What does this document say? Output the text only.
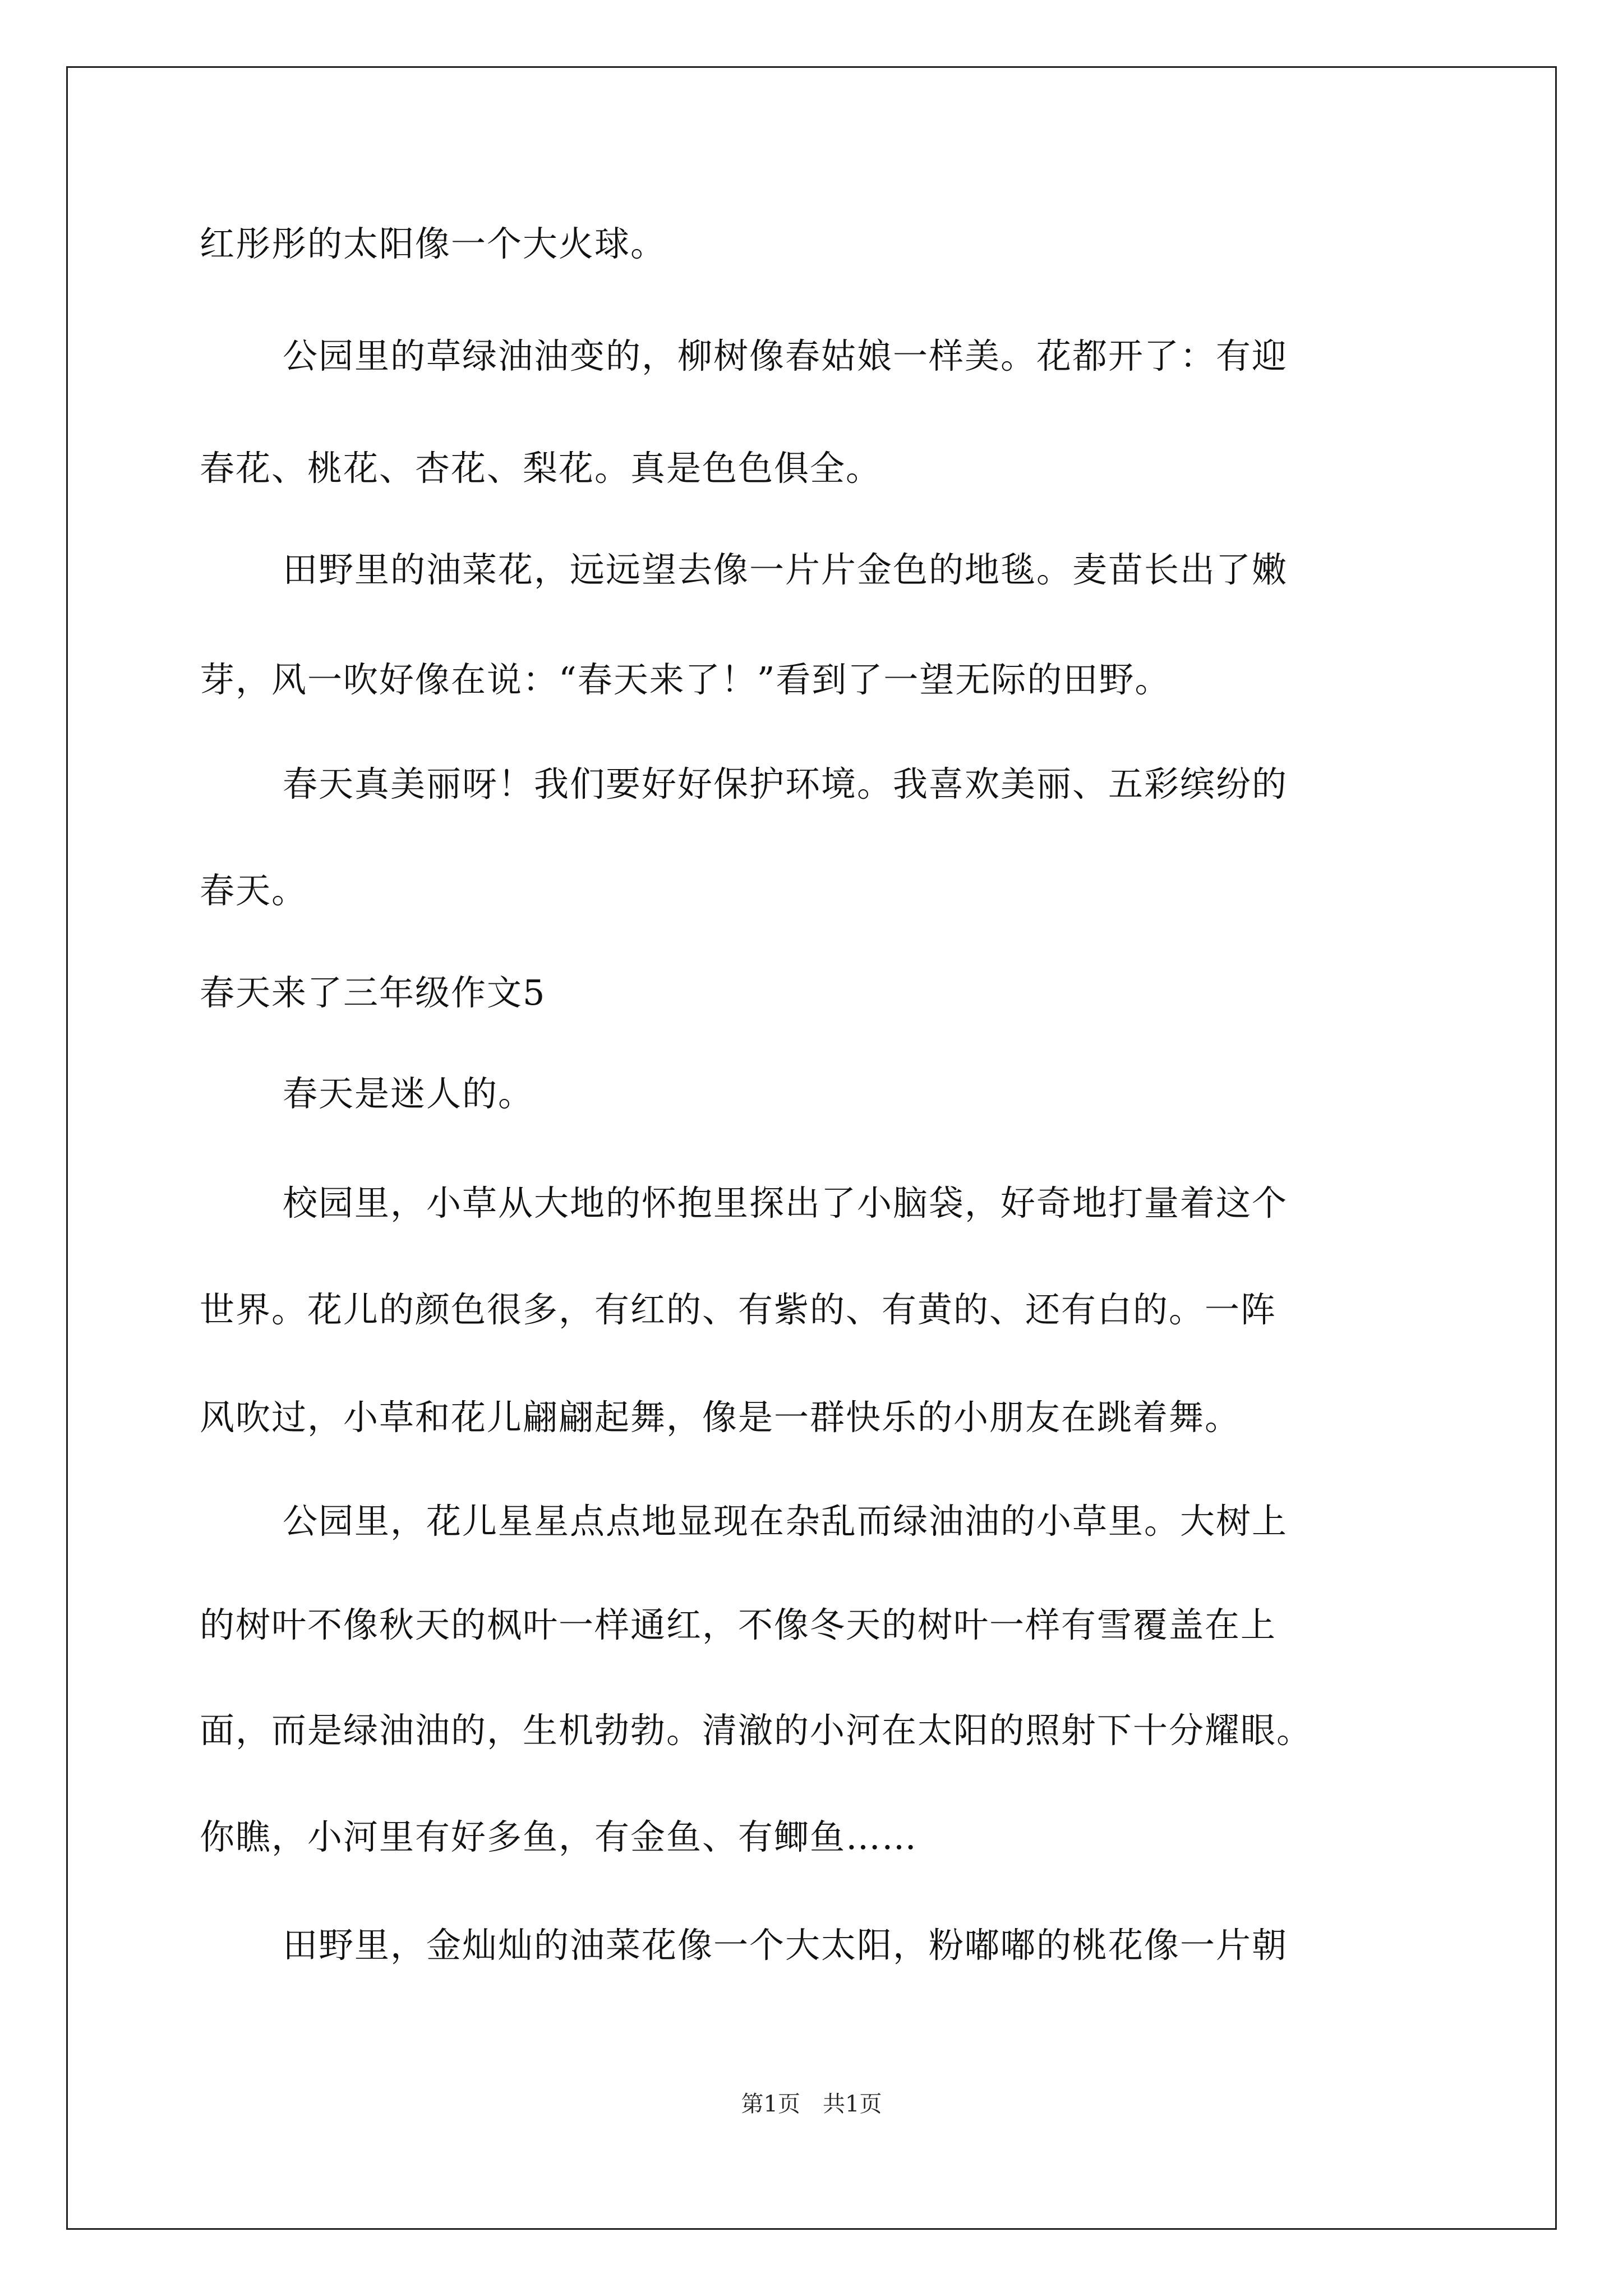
红彤彤的太阳像一个大火球。
公园里的草绿油油变的，柳树像春姑娘一样美。花都开了：有迎
春花、桃花、杏花、梨花。真是色色俱全。
田野里的油菜花，远远望去像一片片金色的地毯。麦苗长出了嫩
芽，风一吹好像在说：“春天来了！”看到了一望无际的田野。
春天真美丽呀！我们要好好保护环境。我喜欢美丽、五彩缤纷的
春天。
春天来了三年级作文5
春天是迷人的。
校园里，小草从大地的怀抱里探出了小脑袋，好奇地打量着这个
世界。花儿的颜色很多，有红的、有紫的、有黄的、还有白的。一阵
风吹过，小草和花儿翩翩起舞，像是一群快乐的小朋友在跳着舞。
公园里，花儿星星点点地显现在杂乱而绿油油的小草里。大树上
的树叶不像秋天的枫叶一样通红，不像冬天的树叶一样有雪覆盖在上
面，而是绿油油的，生机勃勃。清澈的小河在太阳的照射下十分耀眼。
你瞧，小河里有好多鱼，有金鱼、有鲫鱼……
田野里，金灿灿的油菜花像一个大太阳，粉嘟嘟的桃花像一片朝
第1页　共1页
